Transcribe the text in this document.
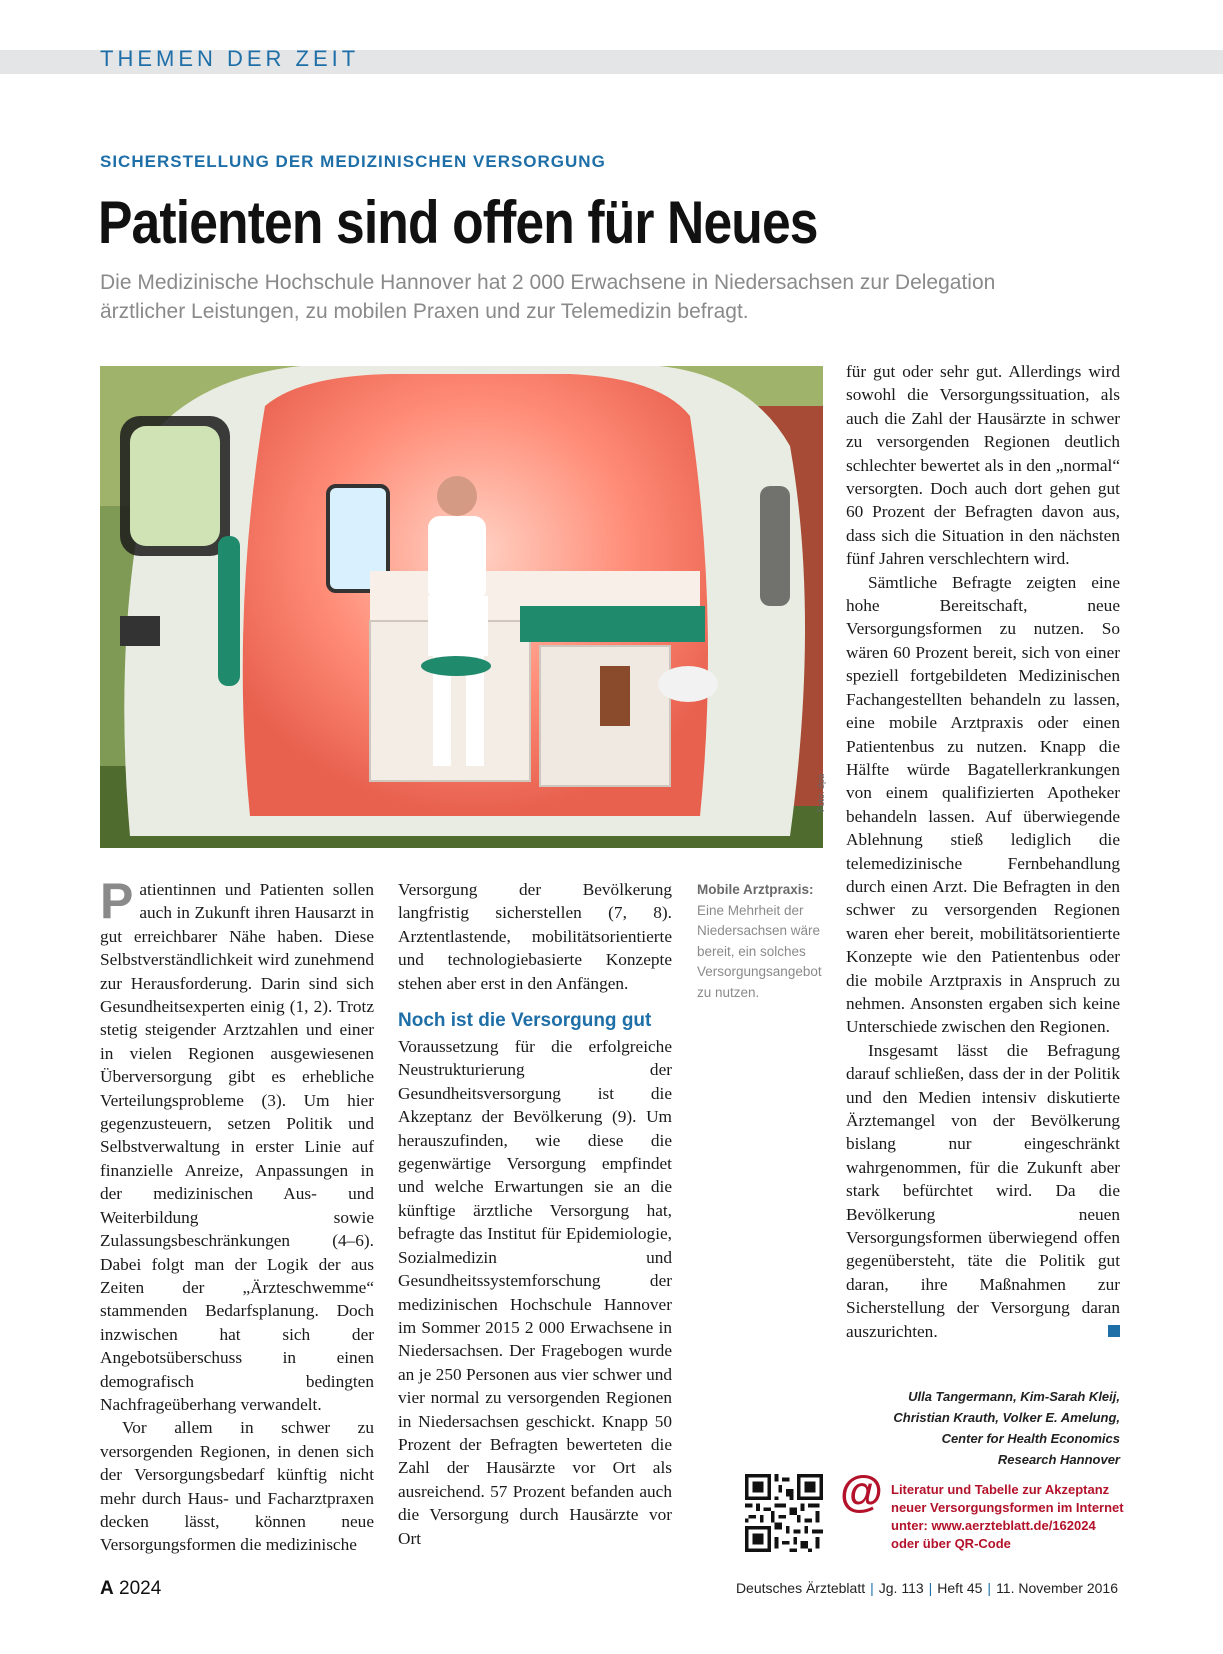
THEMEN DER ZEIT
SICHERSTELLUNG DER MEDIZINISCHEN VERSORGUNG
Patienten sind offen für Neues

Die Medizinische Hochschule Hannover hat 2 000 Erwachsene in Niedersachsen zur Delegation ärztlicher Leistungen, zu mobilen Praxen und zur Telemedizin befragt.

Foto: dpa

Patientinnen und Patienten sollen auch in Zukunft ihren Hausarzt in gut erreichbarer Nähe haben. Diese Selbstverständlichkeit wird zunehmend zur Herausforderung. Darin sind sich Gesundheitsexperten einig (1, 2). Trotz stetig steigender Arztzahlen und einer in vielen Regionen ausgewiesenen Überversorgung gibt es erhebliche Verteilungsprobleme (3). Um hier gegenzusteuern, setzen Politik und Selbstverwaltung in erster Linie auf finanzielle Anreize, Anpassungen in der medizinischen Aus- und Weiterbildung sowie Zulassungsbeschränkungen (4–6). Dabei folgt man der Logik der aus Zeiten der „Ärzteschwemme“ stammenden Bedarfsplanung. Doch inzwischen hat sich der Angebotsüberschuss in einen demografisch bedingten Nachfrageüberhang verwandelt.

Vor allem in schwer zu versorgenden Regionen, in denen sich der Versorgungsbedarf künftig nicht mehr durch Haus- und Facharztpraxen decken lässt, können neue Versorgungsformen die medizinische

Versorgung der Bevölkerung langfristig sicherstellen (7, 8). Arztentlastende, mobilitätsorientierte und technologiebasierte Konzepte stehen aber erst in den Anfängen.

Noch ist die Versorgung gut

Voraussetzung für die erfolgreiche Neustrukturierung der Gesundheitsversorgung ist die Akzeptanz der Bevölkerung (9). Um herauszufinden, wie diese die gegenwärtige Versorgung empfindet und welche Erwartungen sie an die künftige ärztliche Versorgung hat, befragte das Institut für Epidemiologie, Sozialmedizin und Gesundheitssystemforschung der medizinischen Hochschule Hannover im Sommer 2015 2 000 Erwachsene in Niedersachsen. Der Fragebogen wurde an je 250 Personen aus vier schwer und vier normal zu versorgenden Regionen in Niedersachsen geschickt. Knapp 50 Prozent der Befragten bewerteten die Zahl der Hausärzte vor Ort als ausreichend. 57 Prozent befanden auch die Versorgung durch Hausärzte vor Ort

Mobile Arztpraxis: Eine Mehrheit der Niedersachsen wäre bereit, ein solches Versorgungsangebot zu nutzen.

für gut oder sehr gut. Allerdings wird sowohl die Versorgungssituation, als auch die Zahl der Hausärzte in schwer zu versorgenden Regionen deutlich schlechter bewertet als in den „normal“ versorgten. Doch auch dort gehen gut 60 Prozent der Befragten davon aus, dass sich die Situation in den nächsten fünf Jahren verschlechtern wird.

Sämtliche Befragte zeigten eine hohe Bereitschaft, neue Versorgungsformen zu nutzen. So wären 60 Prozent bereit, sich von einer speziell fortgebildeten Medizinischen Fachangestellten behandeln zu lassen, eine mobile Arztpraxis oder einen Patientenbus zu nutzen. Knapp die Hälfte würde Bagatellerkrankungen von einem qualifizierten Apotheker behandeln lassen. Auf überwiegende Ablehnung stieß lediglich die telemedizinische Fernbehandlung durch einen Arzt. Die Befragten in den schwer zu versorgenden Regionen waren eher bereit, mobilitätsorientierte Konzepte wie den Patientenbus oder die mobile Arztpraxis in Anspruch zu nehmen. Ansonsten ergaben sich keine Unterschiede zwischen den Regionen.

Insgesamt lässt die Befragung darauf schließen, dass der in der Politik und den Medien intensiv diskutierte Ärztemangel von der Bevölkerung bislang nur eingeschränkt wahrgenommen, für die Zukunft aber stark befürchtet wird. Da die Bevölkerung neuen Versorgungsformen überwiegend offen gegenübersteht, täte die Politik gut daran, ihre Maßnahmen zur Sicherstellung der Versorgung daran auszurichten.

Ulla Tangermann, Kim-Sarah Kleij,
Christian Krauth, Volker E. Amelung,
Center for Health Economics
Research Hannover
@ Literatur und Tabelle zur Akzeptanz
neuer Versorgungsformen im Internet
unter: www.aerzteblatt.de/162024
oder über QR-Code
A 2024	Deutsches Ärzteblatt | Jg. 113 | Heft 45 | 11. November 2016
